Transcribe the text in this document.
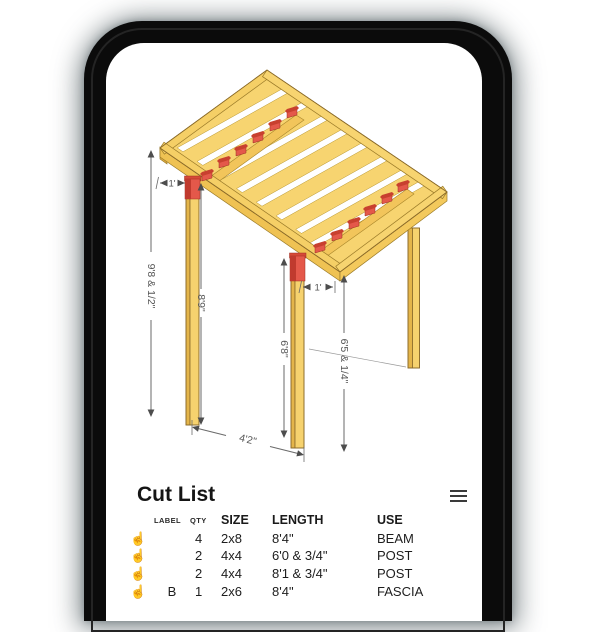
9'8 & 1/2"
1'
8'9"
1'
6'8"	6'5 & 1/4"
4'2"
Cut List
LABEL	QTY	SIZE	LENGTH	USE
☝	4	2x8	8'4"	BEAM
☝	2	4x4	6'0 & 3/4"	POST
☝	2	4x4	8'1 & 3/4"	POST
☝	B	1	2x6	8'4"	FASCIA
